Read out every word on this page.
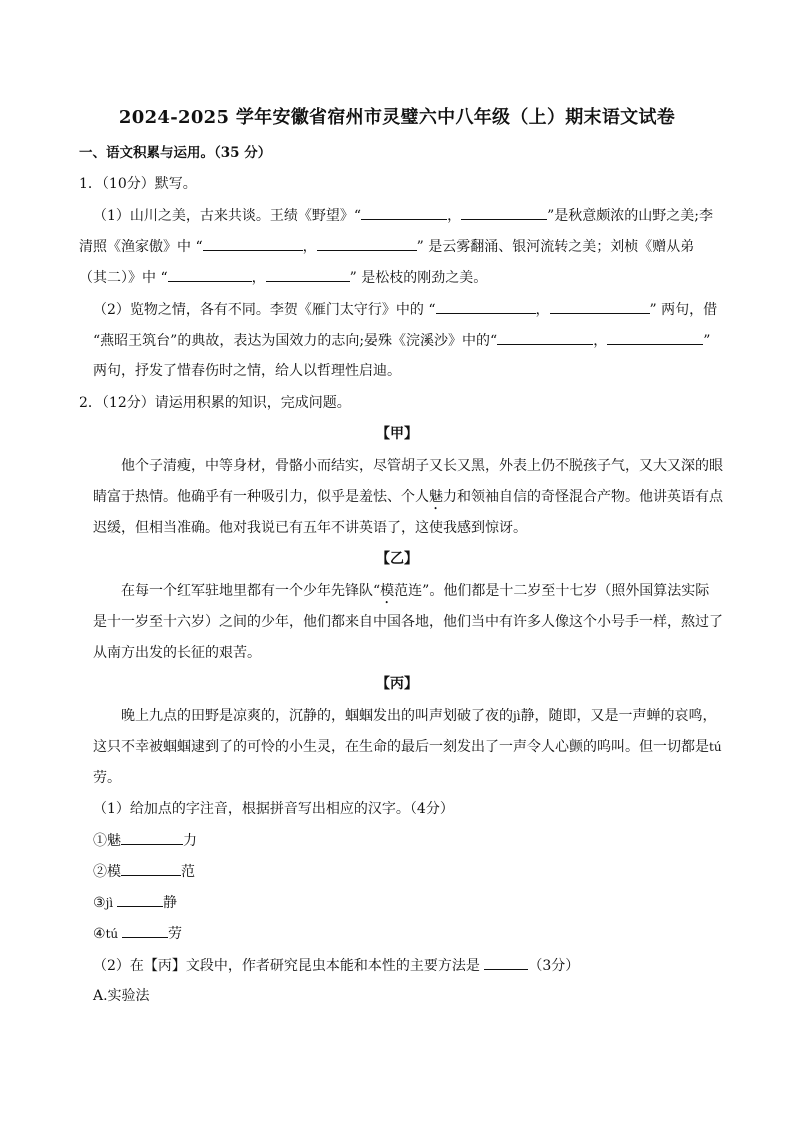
2024-2025 学年安徽省宿州市灵璧六中八年级（上）期末语文试卷
一、语文积累与运用。（35 分）
1．（10分）默写。
（1）山川之美，古来共谈。王绩《野望》“	，	”是秋意颇浓的山野之美;李
清照《渔家傲》中 “	，	” 是云雾翻涌、银河流转之美；刘桢《赠从弟
（其二）》中 “	，	” 是松枝的刚劲之美。
（2）览物之情，各有不同。李贺《雁门太守行》中的 “	，	” 两句，借
“燕昭王筑台”的典故，表达为国效力的志向;晏殊《浣溪沙》中的“	，	”
两句，抒发了惜春伤时之情，给人以哲理性启迪。
2．（12分）请运用积累的知识，完成问题。
【甲】
他个子清瘦，中等身材，骨骼小而结实，尽管胡子又长又黑，外表上仍不脱孩子气，又大又深的眼
睛富于热情。他确乎有一种吸引力，似乎是羞怯、个人魅力和领袖自信的奇怪混合产物。他讲英语有点
迟缓，但相当准确。他对我说已有五年不讲英语了，这使我感到惊讶。
【乙】
在每一个红军驻地里都有一个少年先锋队“模范连”。他们都是十二岁至十七岁（照外国算法实际
是十一岁至十六岁）之间的少年，他们都来自中国各地，他们当中有许多人像这个小号手一样，熬过了
从南方出发的长征的艰苦。
【丙】
晚上九点的田野是凉爽的，沉静的，蝈蝈发出的叫声划破了夜的jì静，随即，又是一声蝉的哀鸣，
这只不幸被蝈蝈逮到了的可怜的小生灵，在生命的最后一刻发出了一声令人心颤的呜叫。但一切都是tú
劳。
（1）给加点的字注音，根据拼音写出相应的汉字。（4分）
①魅	力
②模	范
③jì	静
④tú	劳
（2）在【丙】文段中，作者研究昆虫本能和本性的主要方法是	（3分）
A.实验法
